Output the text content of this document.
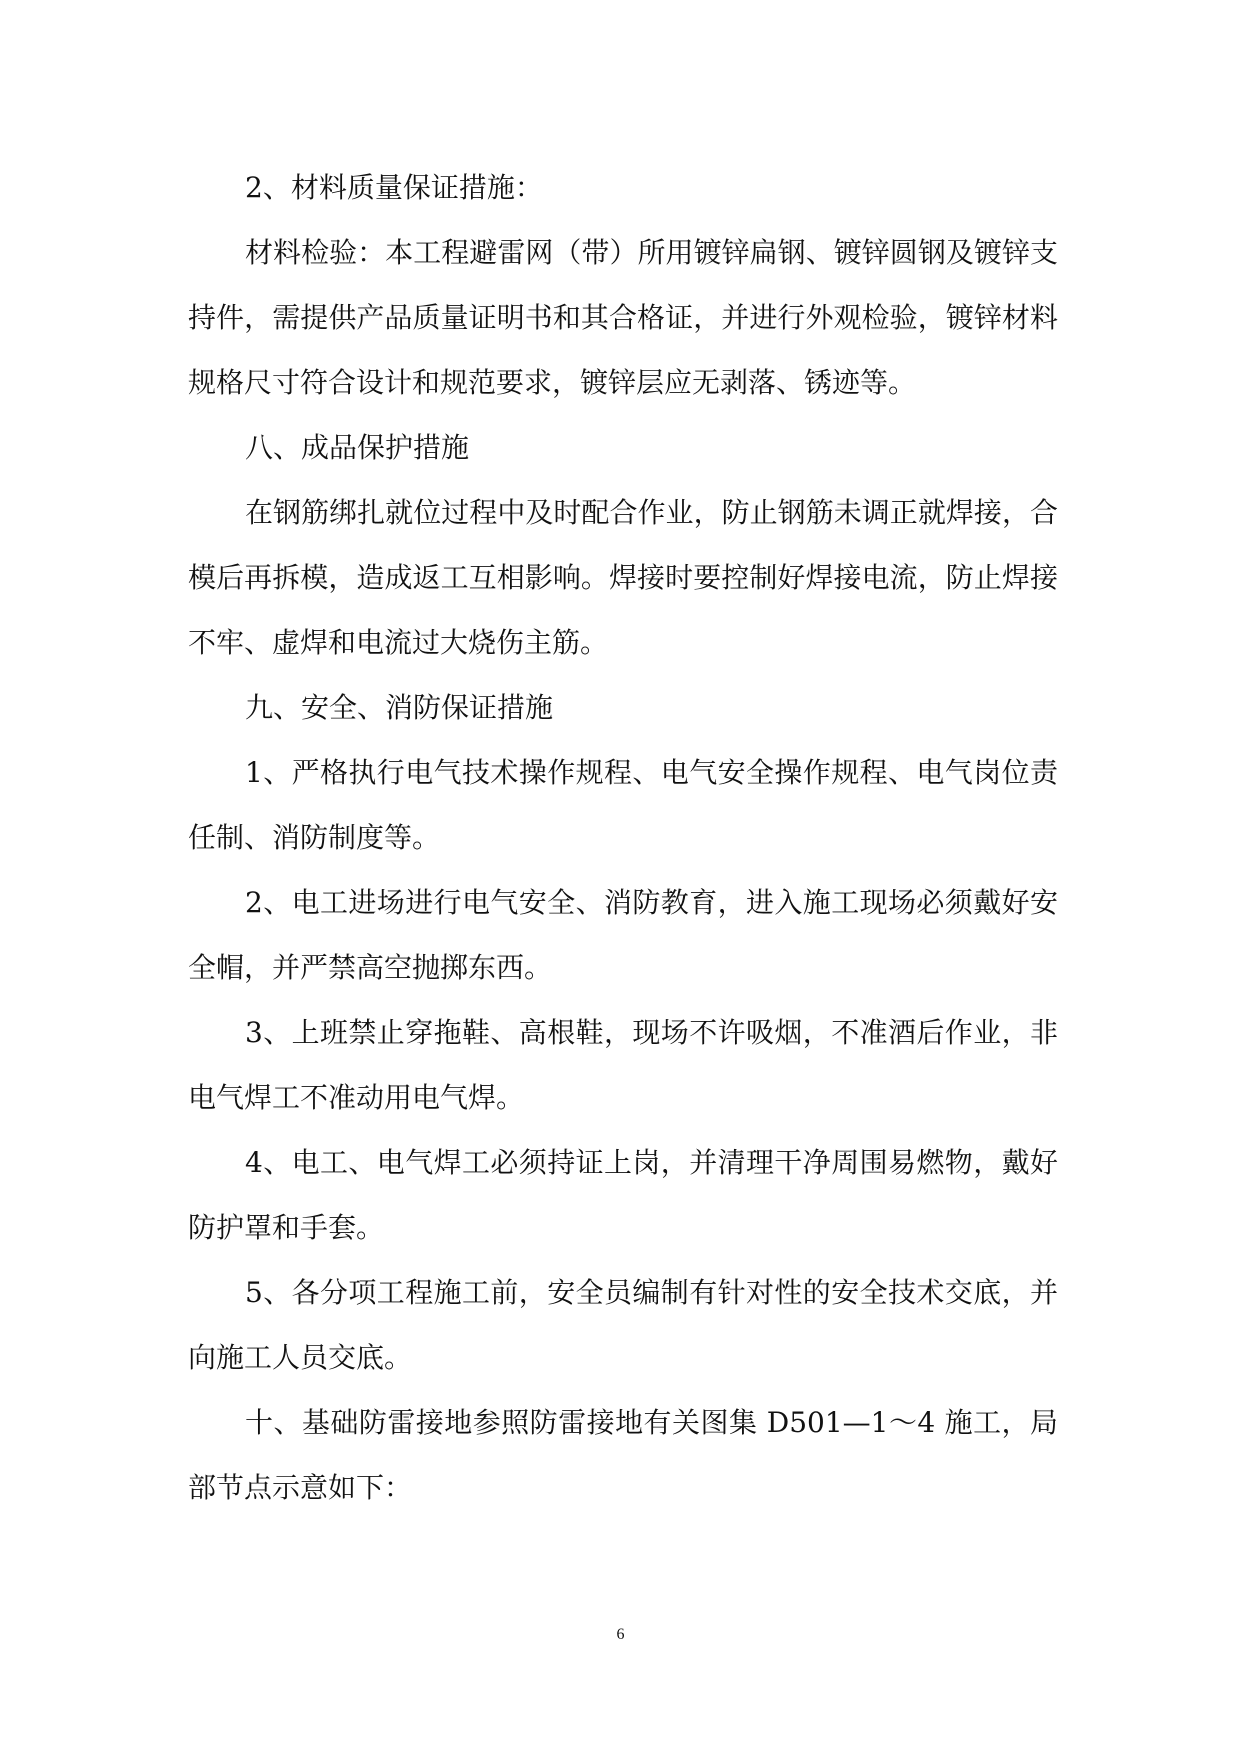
2、材料质量保证措施：

材料检验：本工程避雷网（带）所用镀锌扁钢、镀锌圆钢及镀锌支持件，需提供产品质量证明书和其合格证，并进行外观检验，镀锌材料规格尺寸符合设计和规范要求，镀锌层应无剥落、锈迹等。

八、成品保护措施

在钢筋绑扎就位过程中及时配合作业，防止钢筋未调正就焊接，合模后再拆模，造成返工互相影响。焊接时要控制好焊接电流，防止焊接不牢、虚焊和电流过大烧伤主筋。

九、安全、消防保证措施

1、严格执行电气技术操作规程、电气安全操作规程、电气岗位责任制、消防制度等。

2、电工进场进行电气安全、消防教育，进入施工现场必须戴好安全帽，并严禁高空抛掷东西。

3、上班禁止穿拖鞋、高根鞋，现场不许吸烟，不准酒后作业，非电气焊工不准动用电气焊。

4、电工、电气焊工必须持证上岗，并清理干净周围易燃物，戴好防护罩和手套。

5、各分项工程施工前，安全员编制有针对性的安全技术交底，并向施工人员交底。

十、基础防雷接地参照防雷接地有关图集 D501—1～4 施工，局部节点示意如下：

6
